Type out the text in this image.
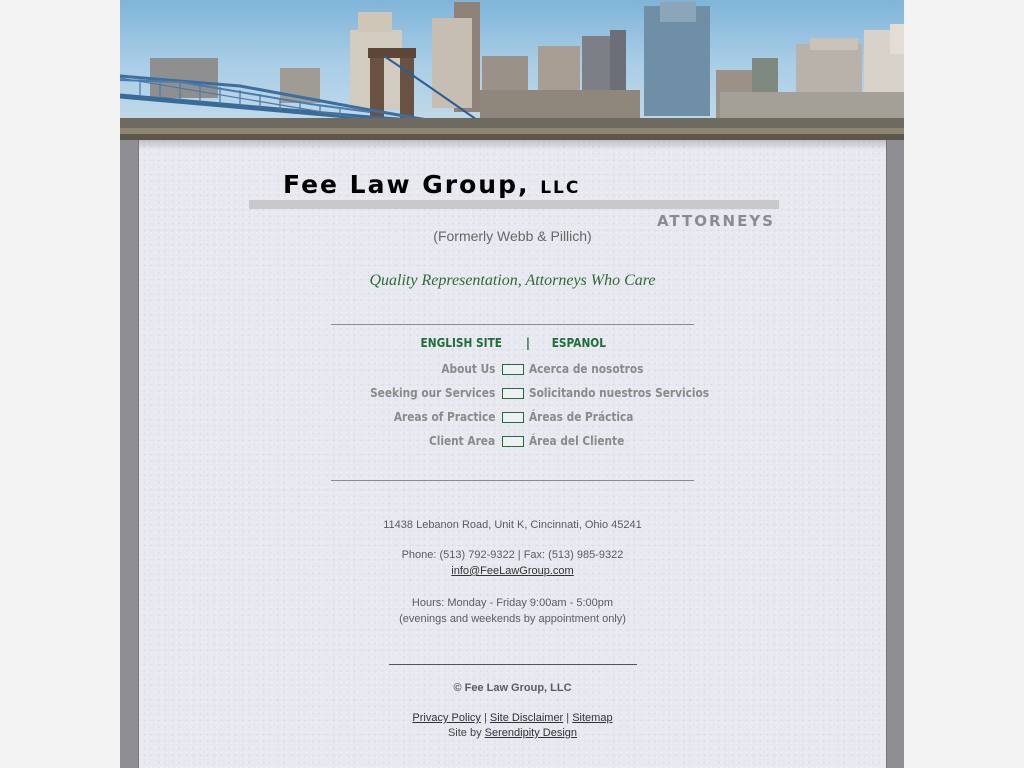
Fee Law Group, LLC
ATTORNEYS
(Formerly Webb & Pillich)
Quality Representation, Attorneys Who Care
ENGLISH SITE | ESPANOL
About Us	Acerca de nosotros
Seeking our Services	Solicitando nuestros Servicios
Areas of Practice	Áreas de Práctica
Client Area	Área del Cliente
11438 Lebanon Road, Unit K, Cincinnati, Ohio 45241
Phone: (513) 792-9322 | Fax: (513) 985-9322
info@FeeLawGroup.com
Hours: Monday - Friday 9:00am - 5:00pm
(evenings and weekends by appointment only)
© Fee Law Group, LLC
Privacy Policy | Site Disclaimer | Sitemap
Site by Serendipity Design
